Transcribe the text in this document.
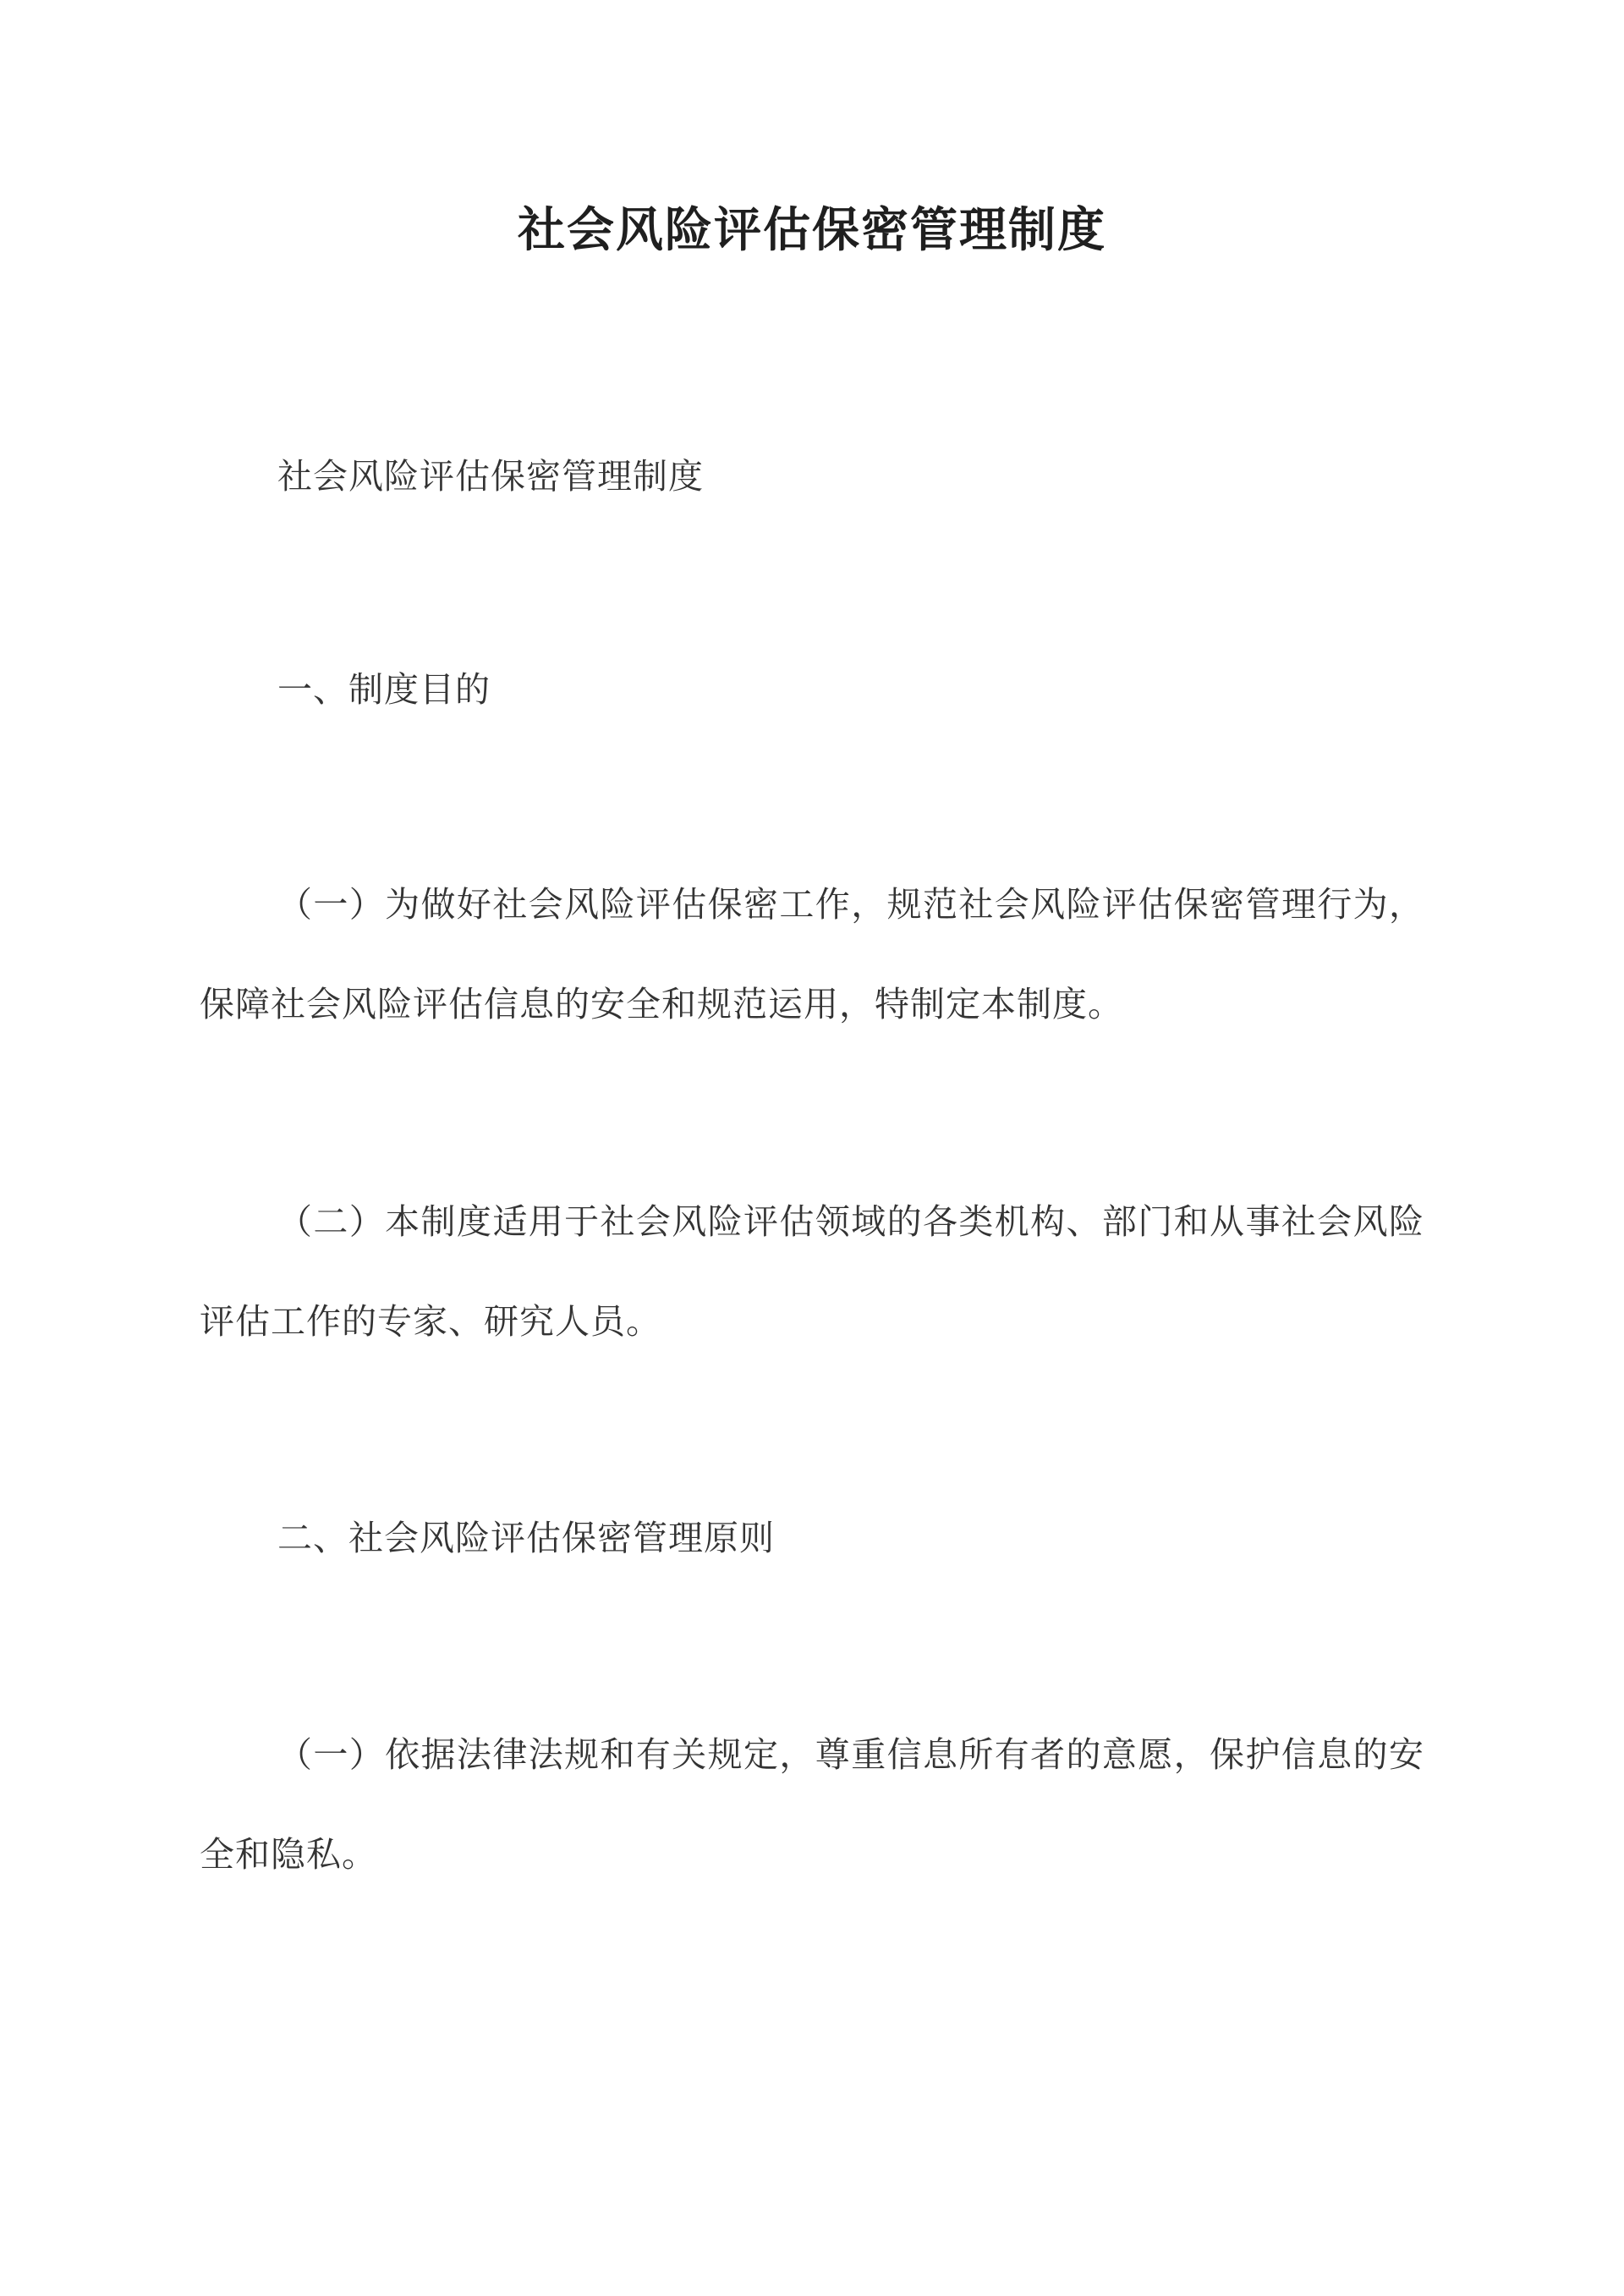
社会风险评估保密管理制度

社会风险评估保密管理制度

一、制度目的

（一）为做好社会风险评估保密工作，规范社会风险评估保密管理行为，保障社会风险评估信息的安全和规范运用，特制定本制度。

（二）本制度适用于社会风险评估领域的各类机构、部门和从事社会风险评估工作的专家、研究人员。

二、社会风险评估保密管理原则

（一）依据法律法规和有关规定，尊重信息所有者的意愿，保护信息的安全和隐私。
